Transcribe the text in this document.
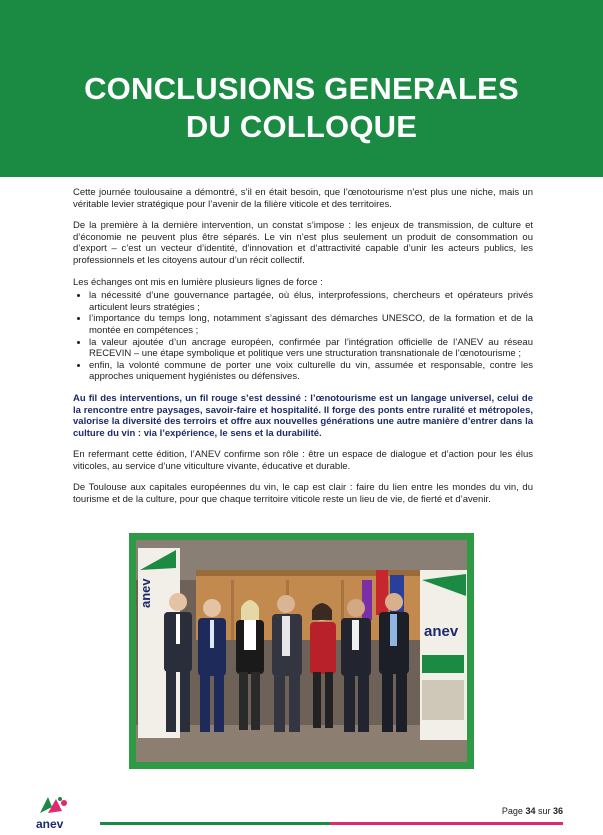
CONCLUSIONS GENERALES
DU COLLOQUE

Cette journée toulousaine a démontré, s’il en était besoin, que l’œnotourisme n’est plus une niche, mais un véritable levier stratégique pour l’avenir de la filière viticole et des territoires.

De la première à la dernière intervention, un constat s’impose : les enjeux de transmission, de culture et d’économie ne peuvent plus être séparés. Le vin n’est plus seulement un produit de consommation ou d’export – c’est un vecteur d’identité, d’innovation et d’attractivité capable d’unir les acteurs publics, les professionnels et les citoyens autour d’un récit collectif.

Les échanges ont mis en lumière plusieurs lignes de force :

• la nécessité d’une gouvernance partagée, où élus, interprofessions, chercheurs et opérateurs privés articulent leurs stratégies ;
• l’importance du temps long, notamment s’agissant des démarches UNESCO, de la formation et de la montée en compétences ;
• la valeur ajoutée d’un ancrage européen, confirmée par l’intégration officielle de l’ANEV au réseau RECEVIN – une étape symbolique et politique vers une structuration transnationale de l’œnotourisme ;
• enfin, la volonté commune de porter une voix culturelle du vin, assumée et responsable, contre les approches uniquement hygiénistes ou défensives.

Au fil des interventions, un fil rouge s’est dessiné : l’œnotourisme est un langage universel, celui de la rencontre entre paysages, savoir-faire et hospitalité. Il forge des ponts entre ruralité et métropoles, valorise la diversité des terroirs et offre aux nouvelles générations une autre manière d’entrer dans la culture du vin : via l’expérience, le sens et la durabilité.

En refermant cette édition, l’ANEV confirme son rôle : être un espace de dialogue et d’action pour les élus viticoles, au service d’une viticulture vivante, éducative et durable.

De Toulouse aux capitales européennes du vin, le cap est clair : faire du lien entre les mondes du vin, du tourisme et de la culture, pour que chaque territoire viticole reste un lieu de vie, de fierté et d’avenir.

anev
anev
anev
Page 34 sur 36
